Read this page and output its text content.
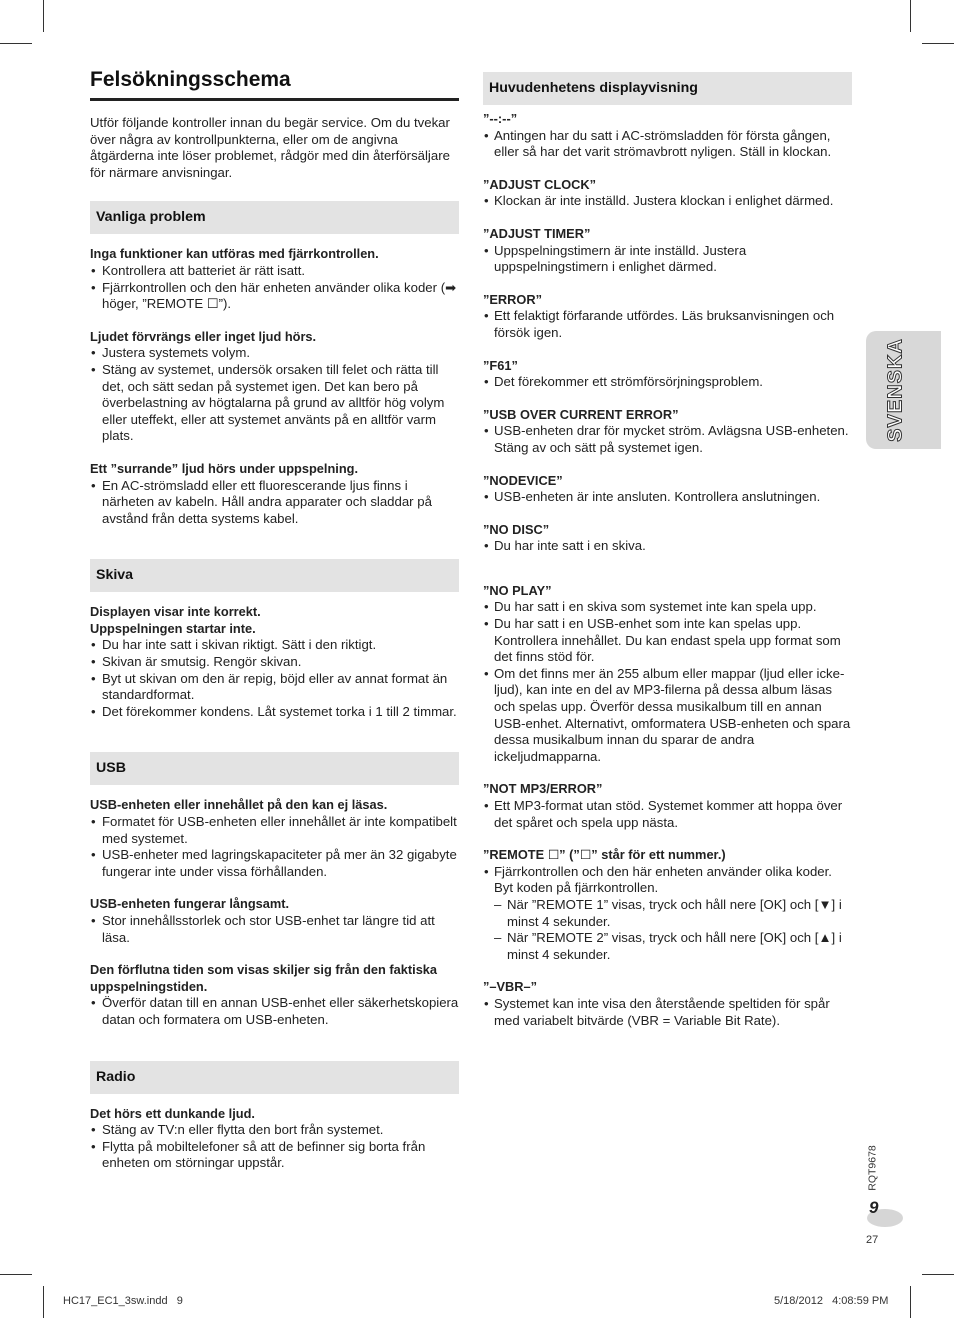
Felsökningsschema
Utför följande kontroller innan du begär service. Om du tvekar över några av kontrollpunkterna, eller om de angivna åtgärderna inte löser problemet, rådgör med din återförsäljare för närmare anvisningar.
Vanliga problem
Inga funktioner kan utföras med fjärrkontrollen.
• Kontrollera att batteriet är rätt isatt.
• Fjärrkontrollen och den här enheten använder olika koder (➡ höger, ”REMOTE ☐”).
Ljudet förvrängs eller inget ljud hörs.
• Justera systemets volym.
• Stäng av systemet, undersök orsaken till felet och rätta till det, och sätt sedan på systemet igen. Det kan bero på överbelastning av högtalarna på grund av alltför hög volym eller uteffekt, eller att systemet använts på en alltför varm plats.
Ett ”surrande” ljud hörs under uppspelning.
• En AC-strömsladd eller ett fluorescerande ljus finns i närheten av kabeln. Håll andra apparater och sladdar på avstånd från detta systems kabel.
Skiva
Displayen visar inte korrekt.
Uppspelningen startar inte.
• Du har inte satt i skivan riktigt. Sätt i den riktigt.
• Skivan är smutsig. Rengör skivan.
• Byt ut skivan om den är repig, böjd eller av annat format än standardformat.
• Det förekommer kondens. Låt systemet torka i 1 till 2 timmar.
USB
USB-enheten eller innehållet på den kan ej läsas.
• Formatet för USB-enheten eller innehållet är inte kompatibelt med systemet.
• USB-enheter med lagringskapaciteter på mer än 32 gigabyte fungerar inte under vissa förhållanden.
USB-enheten fungerar långsamt.
• Stor innehållsstorlek och stor USB-enhet tar längre tid att läsa.
Den förflutna tiden som visas skiljer sig från den faktiska uppspelningstiden.
• Överför datan till en annan USB-enhet eller säkerhetskopiera datan och formatera om USB-enheten.
Radio
Det hörs ett dunkande ljud.
• Stäng av TV:n eller flytta den bort från systemet.
• Flytta på mobiltelefoner så att de befinner sig borta från enheten om störningar uppstår.
Huvudenhetens displayvisning
”--:--”
• Antingen har du satt i AC-strömsladden för första gången, eller så har det varit strömavbrott nyligen. Ställ in klockan.
”ADJUST CLOCK”
• Klockan är inte inställd. Justera klockan i enlighet därmed.
”ADJUST TIMER”
• Uppspelningstimern är inte inställd. Justera uppspelningstimern i enlighet därmed.
”ERROR”
• Ett felaktigt förfarande utfördes. Läs bruksanvisningen och försök igen.
”F61”
• Det förekommer ett strömförsörjningsproblem.
”USB OVER CURRENT ERROR”
• USB-enheten drar för mycket ström. Avlägsna USB-enheten. Stäng av och sätt på systemet igen.
”NODEVICE”
• USB-enheten är inte ansluten. Kontrollera anslutningen.
”NO DISC”
• Du har inte satt i en skiva.
”NO PLAY”
• Du har satt i en skiva som systemet inte kan spela upp.
• Du har satt i en USB-enhet som inte kan spelas upp. Kontrollera innehållet. Du kan endast spela upp format som det finns stöd för.
• Om det finns mer än 255 album eller mappar (ljud eller icke-ljud), kan inte en del av MP3-filerna på dessa album läsas och spelas upp. Överför dessa musikalbum till en annan USB-enhet. Alternativt, omformatera USB-enheten och spara dessa musikalbum innan du sparar de andra ickeljudmapparna.
”NOT MP3/ERROR”
• Ett MP3-format utan stöd. Systemet kommer att hoppa över det spåret och spela upp nästa.
”REMOTE ☐” (”☐” står för ett nummer.)
• Fjärrkontrollen och den här enheten använder olika koder. Byt koden på fjärrkontrollen.
– När ”REMOTE 1” visas, tryck och håll nere [OK] och [▼] i minst 4 sekunder.
– När ”REMOTE 2” visas, tryck och håll nere [OK] och [▲] i minst 4 sekunder.
”–VBR–”
• Systemet kan inte visa den återstående speltiden för spår med variabelt bitvärde (VBR = Variable Bit Rate).
SVENSKA
RQT9678
9
27
HC17_EC1_3sw.indd   9	5/18/2012   4:08:59 PM
